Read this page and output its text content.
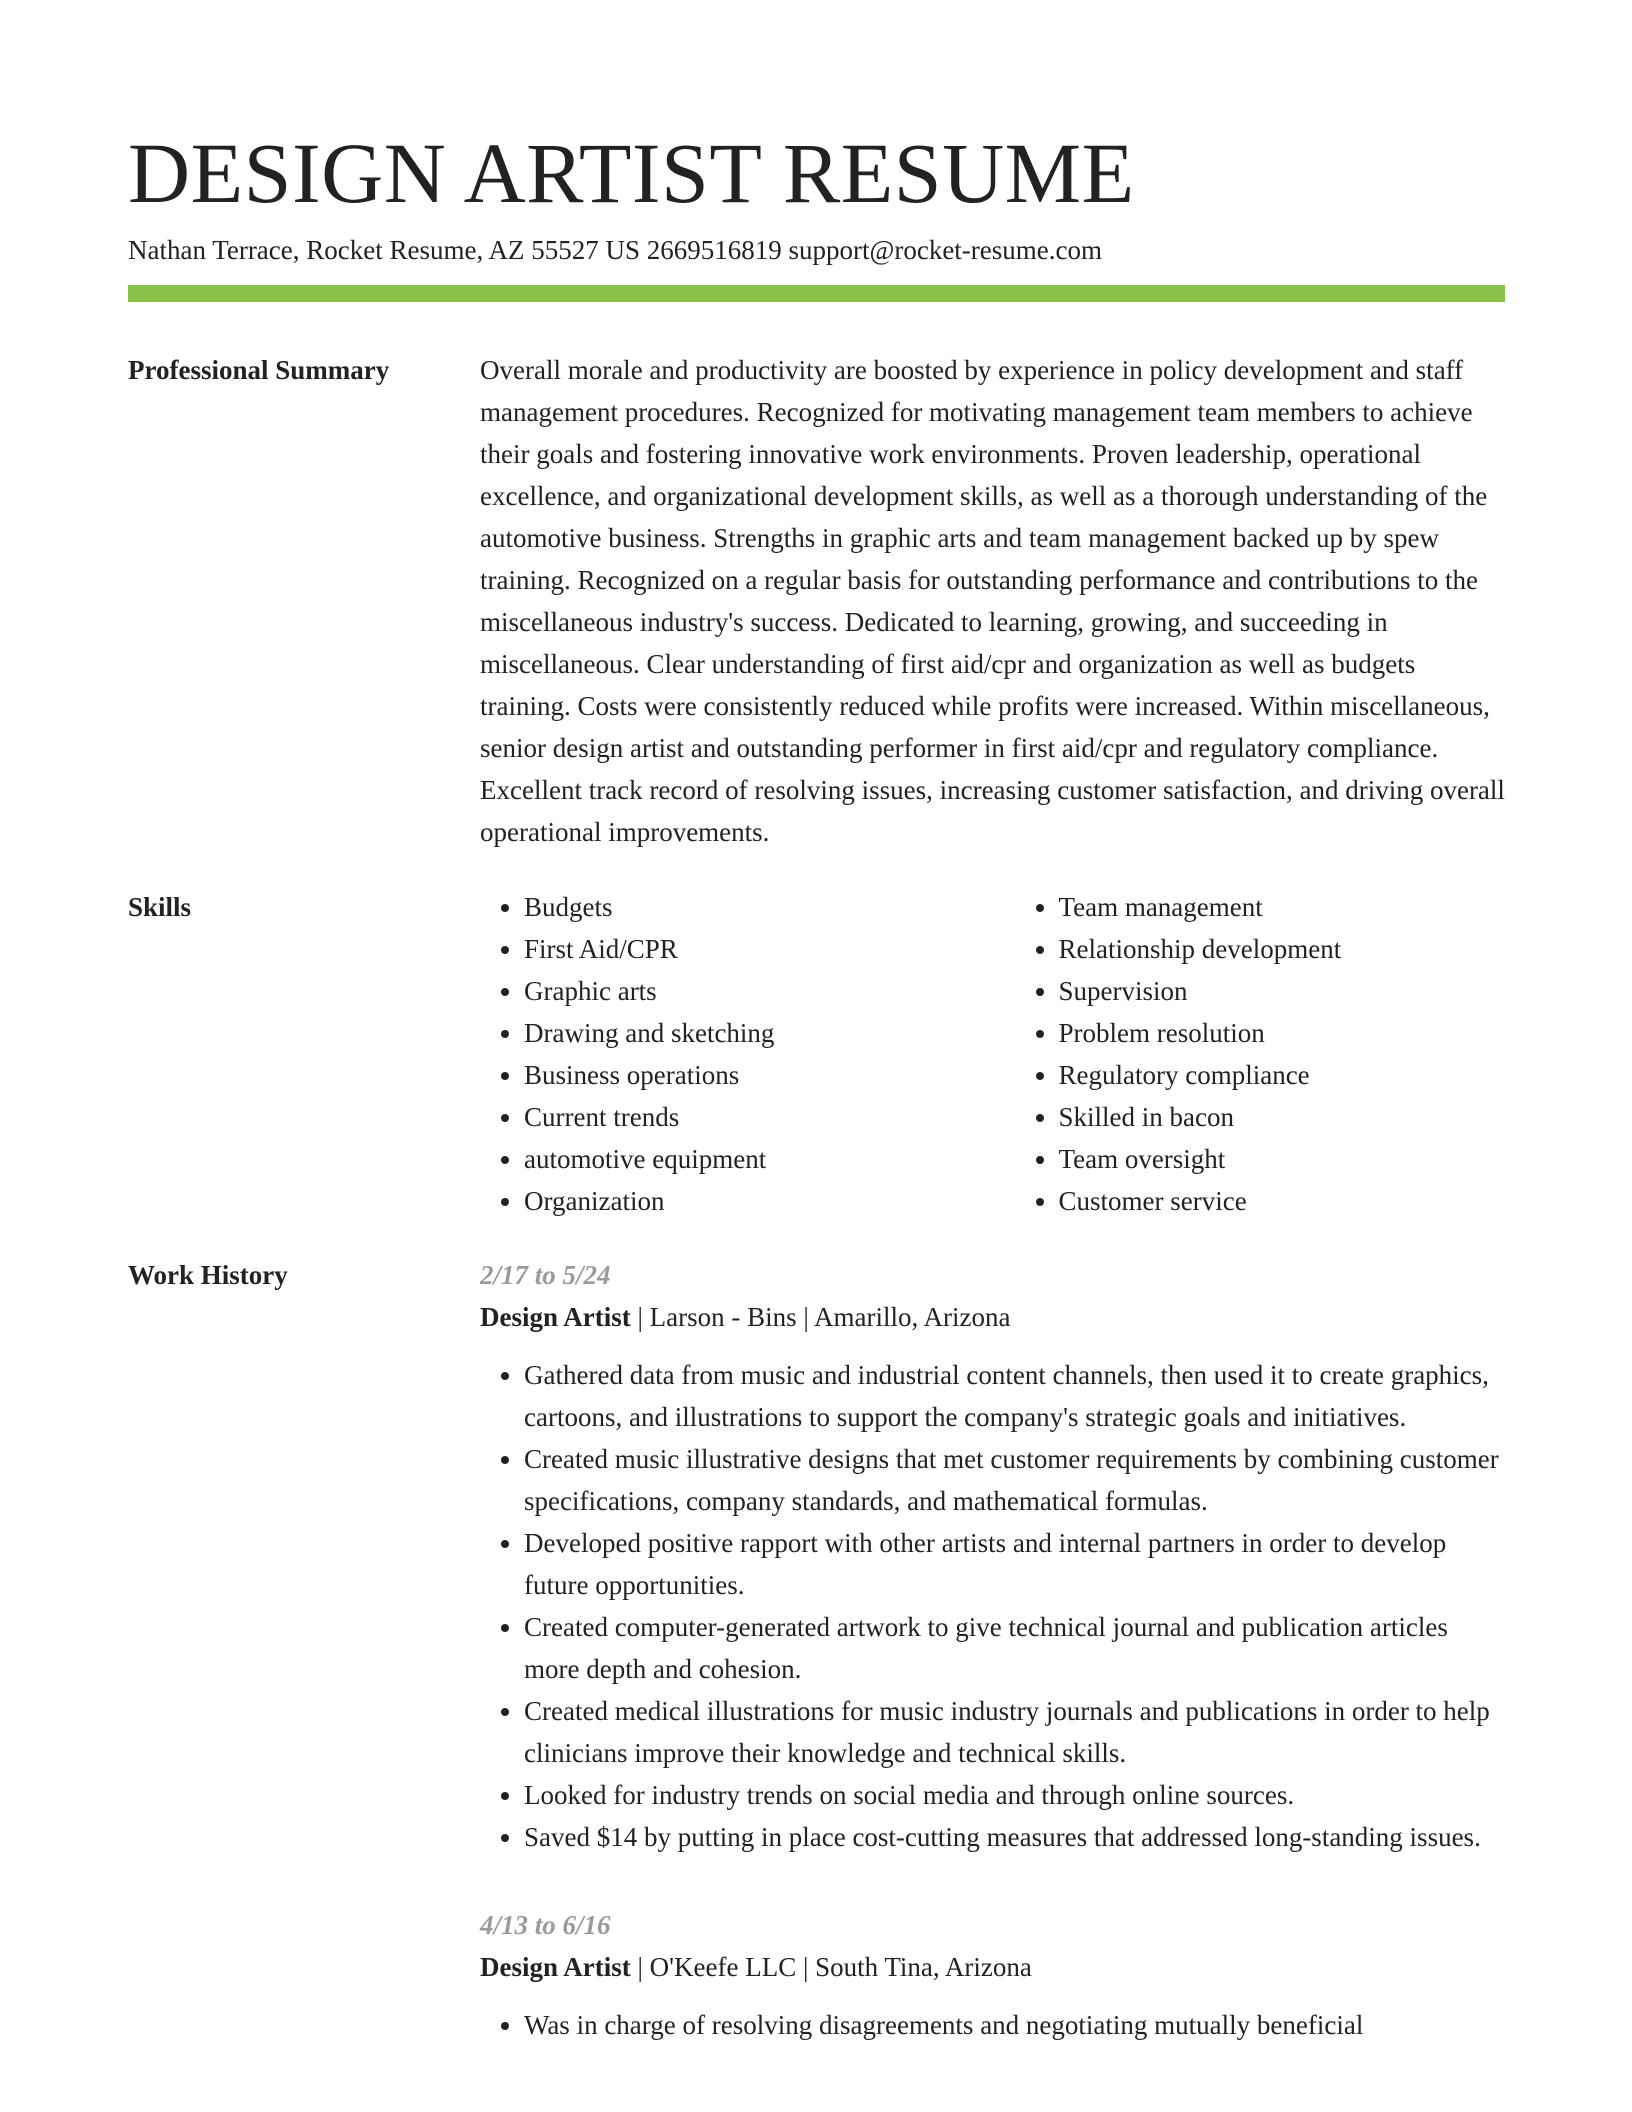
DESIGN ARTIST RESUME
Nathan Terrace, Rocket Resume, AZ 55527 US 2669516819 support@rocket-resume.com
Professional Summary	Overall morale and productivity are boosted by experience in policy development and staff management procedures. Recognized for motivating management team members to achieve their goals and fostering innovative work environments. Proven leadership, operational excellence, and organizational development skills, as well as a thorough understanding of the automotive business. Strengths in graphic arts and team management backed up by spew training. Recognized on a regular basis for outstanding performance and contributions to the miscellaneous industry's success. Dedicated to learning, growing, and succeeding in miscellaneous. Clear understanding of first aid/cpr and organization as well as budgets training. Costs were consistently reduced while profits were increased. Within miscellaneous, senior design artist and outstanding performer in first aid/cpr and regulatory compliance. Excellent track record of resolving issues, increasing customer satisfaction, and driving overall operational improvements.

Skills
•	Budgets
• First Aid/CPR
• Graphic arts
• Drawing and sketching
• Business operations
• Current trends
• automotive equipment
• Organization
• Team management
• Relationship development
• Supervision
• Problem resolution
• Regulatory compliance
• Skilled in bacon
• Team oversight
• Customer service
Work History	2/17 to 5/24
Design Artist | Larson - Bins | Amarillo, Arizona
• Gathered data from music and industrial content channels, then used it to create graphics, cartoons, and illustrations to support the company's strategic goals and initiatives.
• Created music illustrative designs that met customer requirements by combining customer specifications, company standards, and mathematical formulas.
• Developed positive rapport with other artists and internal partners in order to develop future opportunities.
• Created computer-generated artwork to give technical journal and publication articles more depth and cohesion.
• Created medical illustrations for music industry journals and publications in order to help clinicians improve their knowledge and technical skills.
• Looked for industry trends on social media and through online sources.
• Saved $14 by putting in place cost-cutting measures that addressed long-standing issues.
4/13 to 6/16
Design Artist | O'Keefe LLC | South Tina, Arizona
• Was in charge of resolving disagreements and negotiating mutually beneficial
